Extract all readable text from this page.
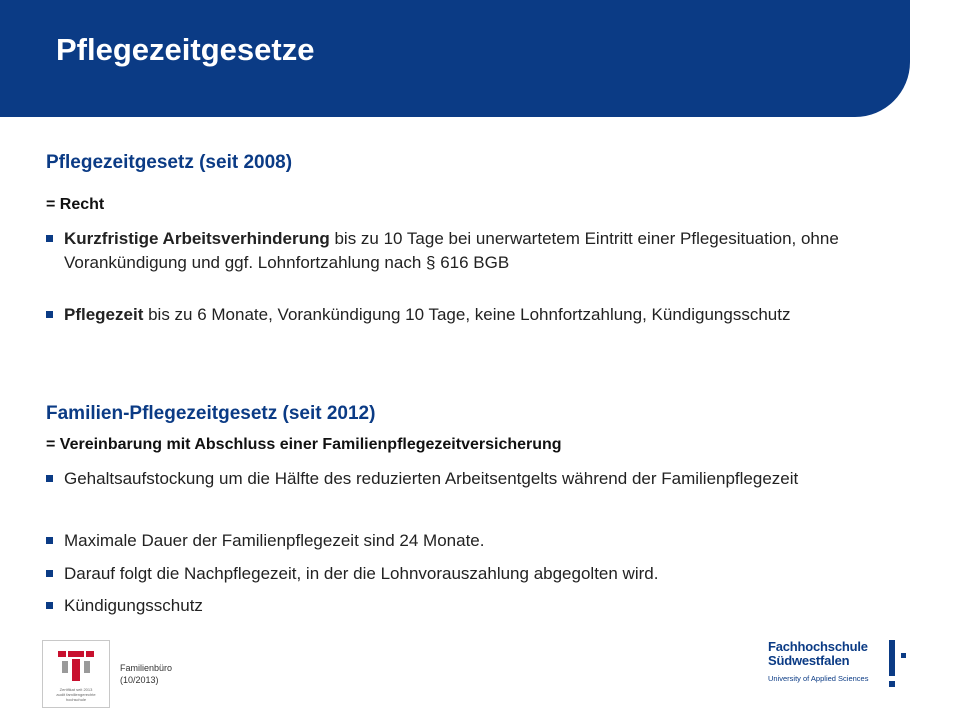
Pflegezeitgesetze
Pflegezeitgesetz (seit 2008)

= Recht

Kurzfristige Arbeitsverhinderung bis zu 10 Tage bei unerwartetem Eintritt einer Pflegesituation, ohne Vorankündigung und ggf. Lohnfortzahlung nach § 616 BGB
Pflegezeit bis zu 6 Monate, Vorankündigung 10 Tage, keine Lohnfortzahlung, Kündigungsschutz
Familien-Pflegezeitgesetz (seit 2012)

= Vereinbarung mit Abschluss einer Familienpflegezeitversicherung

Gehaltsaufstockung um die Hälfte des reduzierten Arbeitsentgelts während der Familienpflegezeit
Maximale Dauer der Familienpflegezeit sind 24 Monate.
Darauf folgt die Nachpflegezeit, in der die Lohnvorauszahlung abgegolten wird.
Kündigungsschutz
Zertifikat seit 2013
audit familiengerechte
hochschule
Familienbüro
(10/2013)
Fachhochschule
Südwestfalen
University of Applied Sciences
